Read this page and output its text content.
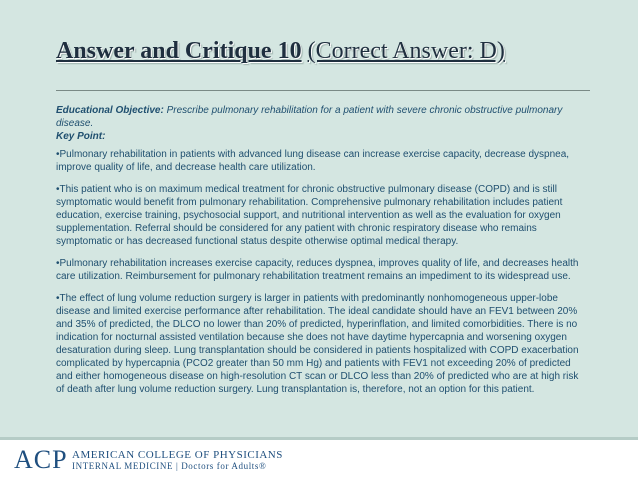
Answer and Critique 10 (Correct Answer: D)

Educational Objective: Prescribe pulmonary rehabilitation for a patient with severe chronic obstructive pulmonary disease.

Key Point:

•Pulmonary rehabilitation in patients with advanced lung disease can increase exercise capacity, decrease dyspnea, improve quality of life, and decrease health care utilization.

•This patient who is on maximum medical treatment for chronic obstructive pulmonary disease (COPD) and is still symptomatic would benefit from pulmonary rehabilitation. Comprehensive pulmonary rehabilitation includes patient education, exercise training, psychosocial support, and nutritional intervention as well as the evaluation for oxygen supplementation. Referral should be considered for any patient with chronic respiratory disease who remains symptomatic or has decreased functional status despite otherwise optimal medical therapy.

•Pulmonary rehabilitation increases exercise capacity, reduces dyspnea, improves quality of life, and decreases health care utilization. Reimbursement for pulmonary rehabilitation treatment remains an impediment to its widespread use.

•The effect of lung volume reduction surgery is larger in patients with predominantly nonhomogeneous upper-lobe disease and limited exercise performance after rehabilitation. The ideal candidate should have an FEV1 between 20% and 35% of predicted, the DLCO no lower than 20% of predicted, hyperinflation, and limited comorbidities. There is no indication for nocturnal assisted ventilation because she does not have daytime hypercapnia and worsening oxygen desaturation during sleep. Lung transplantation should be considered in patients hospitalized with COPD exacerbation complicated by hypercapnia (PCO2 greater than 50 mm Hg) and patients with FEV1 not exceeding 20% of predicted and either homogeneous disease on high-resolution CT scan or DLCO less than 20% of predicted who are at high risk of death after lung volume reduction surgery. Lung transplantation is, therefore, not an option for this patient.

ACP AMERICAN COLLEGE OF PHYSICIANS
INTERNAL MEDICINE | Doctors for Adults®
